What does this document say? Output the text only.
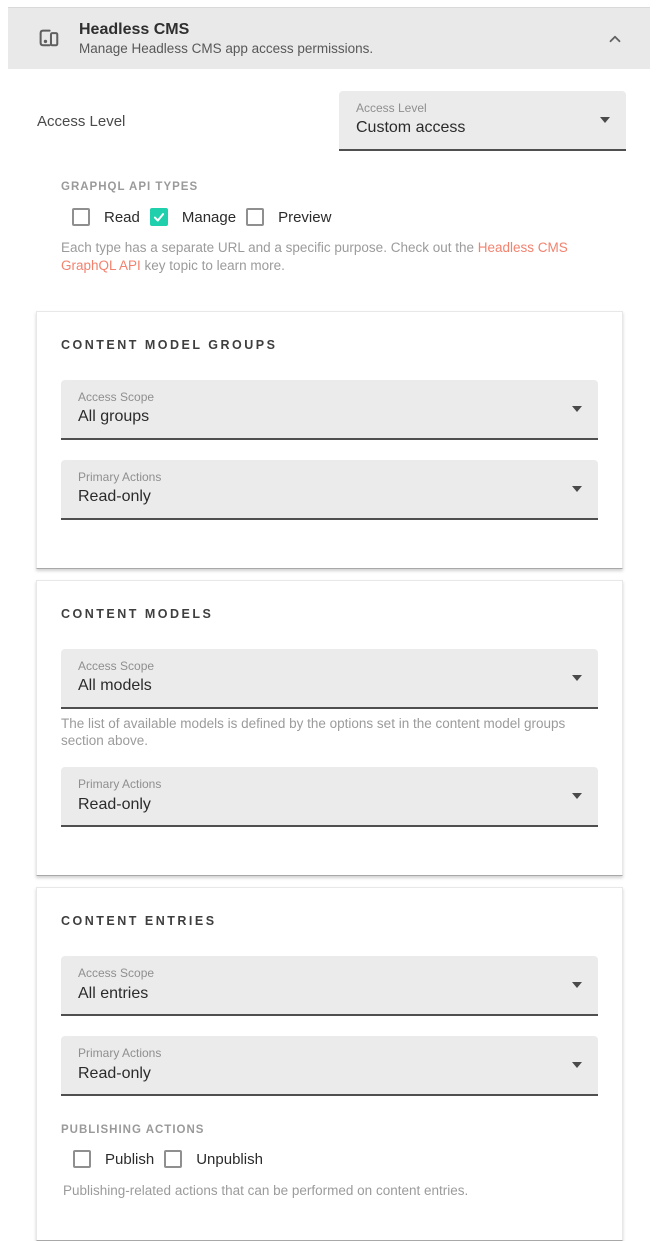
Headless CMS
Manage Headless CMS app access permissions.
Access Level
Access Level
Custom access
GRAPHQL API TYPES
Read	Manage	Preview

Each type has a separate URL and a specific purpose. Check out the Headless CMS GraphQL API key topic to learn more.

CONTENT MODEL GROUPS
Access Scope
All groups
Primary Actions
Read-only
CONTENT MODELS
Access Scope
All models

The list of available models is defined by the options set in the content model groups section above.

Primary Actions
Read-only
CONTENT ENTRIES
Access Scope
All entries
Primary Actions
Read-only
PUBLISHING ACTIONS
Publish	Unpublish

Publishing-related actions that can be performed on content entries.
